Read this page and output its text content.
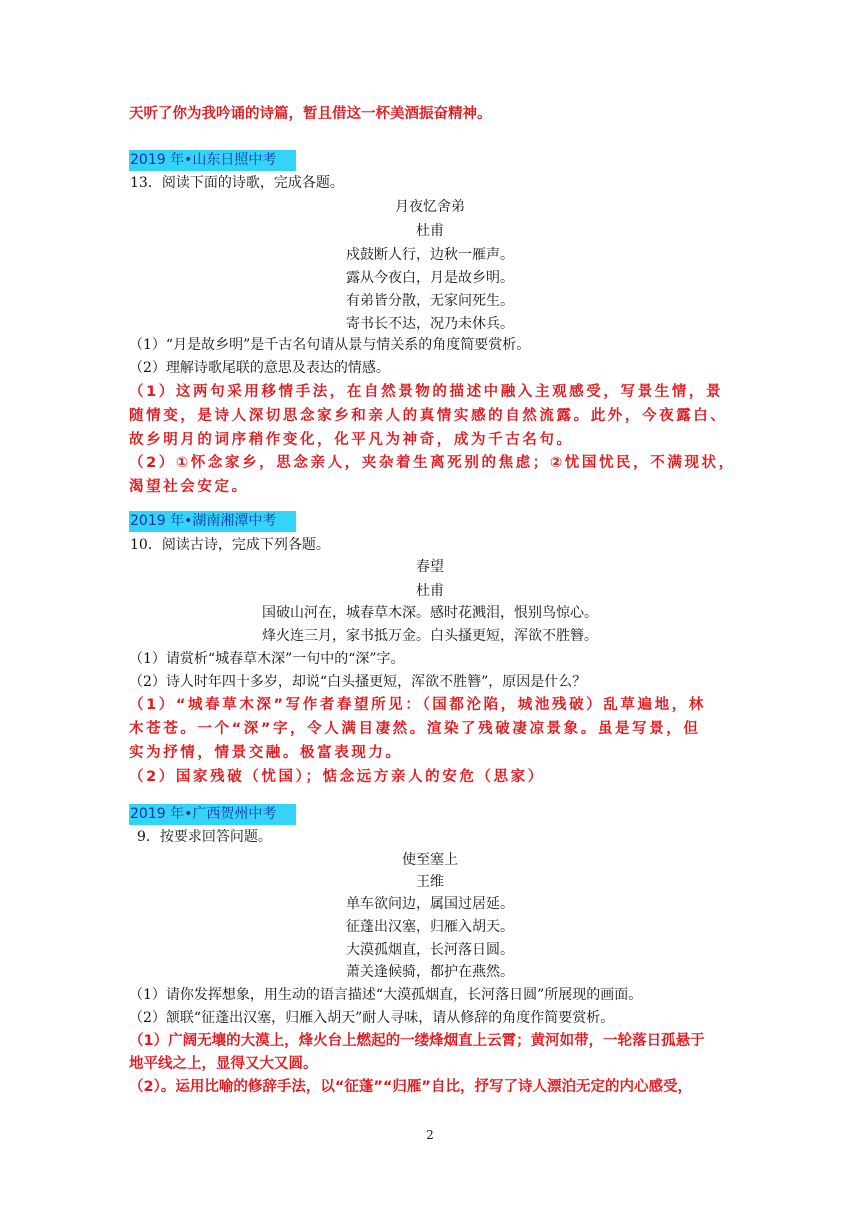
天听了你为我吟诵的诗篇，暂且借这一杯美酒振奋精神。
2019 年•山东日照中考
13．阅读下面的诗歌，完成各题。
月夜忆舍弟
杜甫
戍鼓断人行，边秋一雁声。
露从今夜白，月是故乡明。
有弟皆分散，无家问死生。
寄书长不达，况乃未休兵。
（1）“月是故乡明”是千古名句请从景与情关系的角度简要赏析。
（2）理解诗歌尾联的意思及表达的情感。
（1）这两句采用移情手法，在自然景物的描述中融入主观感受，写景生情，景
随情变，是诗人深切思念家乡和亲人的真情实感的自然流露。此外，今夜露白、
故乡明月的词序稍作变化，化平凡为神奇，成为千古名句。
（2）①怀念家乡，思念亲人，夹杂着生离死别的焦虑；②忧国忧民，不满现状，
渴望社会安定。
2019 年•湖南湘潭中考
10．阅读古诗，完成下列各题。
春望
杜甫
国破山河在，城春草木深。感时花溅泪，恨别鸟惊心。
烽火连三月，家书抵万金。白头搔更短，浑欲不胜簪。
（1）请赏析“城春草木深”一句中的“深”字。
（2）诗人时年四十多岁，却说“白头搔更短，浑欲不胜簪”，原因是什么？
（1）“城春草木深”写作者春望所见：（国都沦陷，城池残破）乱草遍地，林
木苍苍。一个“深”字，令人满目凄然。渲染了残破凄凉景象。虽是写景，但
实为抒情，情景交融。极富表现力。
（2）国家残破（忧国）；惦念远方亲人的安危（思家）
2019 年•广西贺州中考
9．按要求回答问题。
使至塞上
王维
单车欲问边，属国过居延。
征蓬出汉塞，归雁入胡天。
大漠孤烟直，长河落日圆。
萧关逢候骑，都护在燕然。
（1）请你发挥想象，用生动的语言描述“大漠孤烟直，长河落日圆”所展现的画面。
（2）颔联“征蓬出汉塞，归雁入胡天”耐人寻味，请从修辞的角度作简要赏析。
（1）广阔无壤的大漠上，烽火台上燃起的一缕烽烟直上云霄；黄河如带，一轮落日孤悬于
地平线之上，显得又大又圆。
（2）。运用比喻的修辞手法，以“征蓬”“归雁”自比，抒写了诗人漂泊无定的内心感受，
2
